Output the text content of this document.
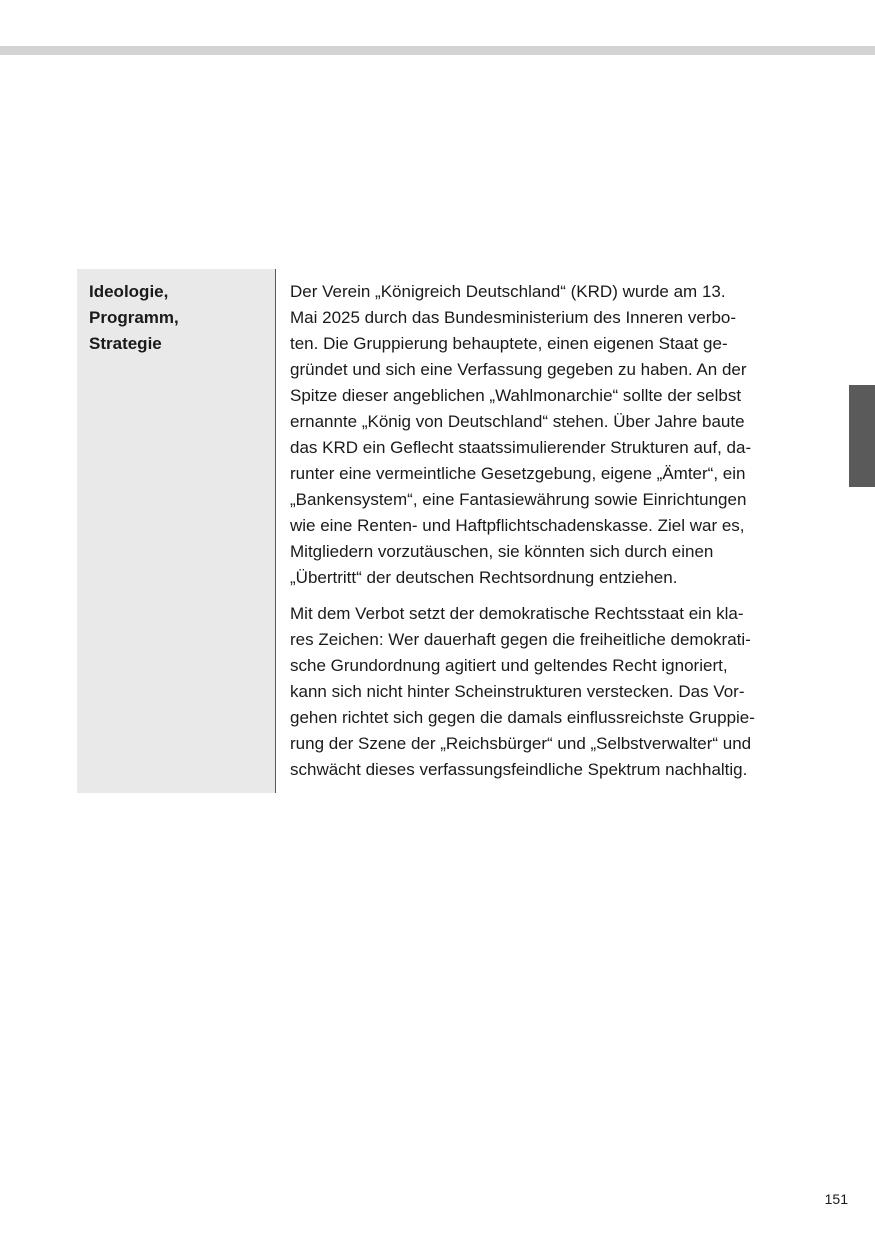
Ideologie,
Programm,
Strategie

Der Verein „Königreich Deutschland“ (KRD) wurde am 13.
Mai 2025 durch das Bundesministerium des Inneren verbo-
ten. Die Gruppierung behauptete, einen eigenen Staat ge-
gründet und sich eine Verfassung gegeben zu haben. An der
Spitze dieser angeblichen „Wahlmonarchie“ sollte der selbst
ernannte „König von Deutschland“ stehen. Über Jahre baute
das KRD ein Geflecht staatssimulierender Strukturen auf, da-
runter eine vermeintliche Gesetzgebung, eigene „Ämter“, ein
„Bankensystem“, eine Fantasiewährung sowie Einrichtungen
wie eine Renten- und Haftpflichtschadenskasse. Ziel war es,
Mitgliedern vorzutäuschen, sie könnten sich durch einen
„Übertritt“ der deutschen Rechtsordnung entziehen.

Mit dem Verbot setzt der demokratische Rechtsstaat ein kla-
res Zeichen: Wer dauerhaft gegen die freiheitliche demokrati-
sche Grundordnung agitiert und geltendes Recht ignoriert,
kann sich nicht hinter Scheinstrukturen verstecken. Das Vor-
gehen richtet sich gegen die damals einflussreichste Gruppie-
rung der Szene der „Reichsbürger“ und „Selbstverwalter“ und
schwächt dieses verfassungsfeindliche Spektrum nachhaltig.

151
